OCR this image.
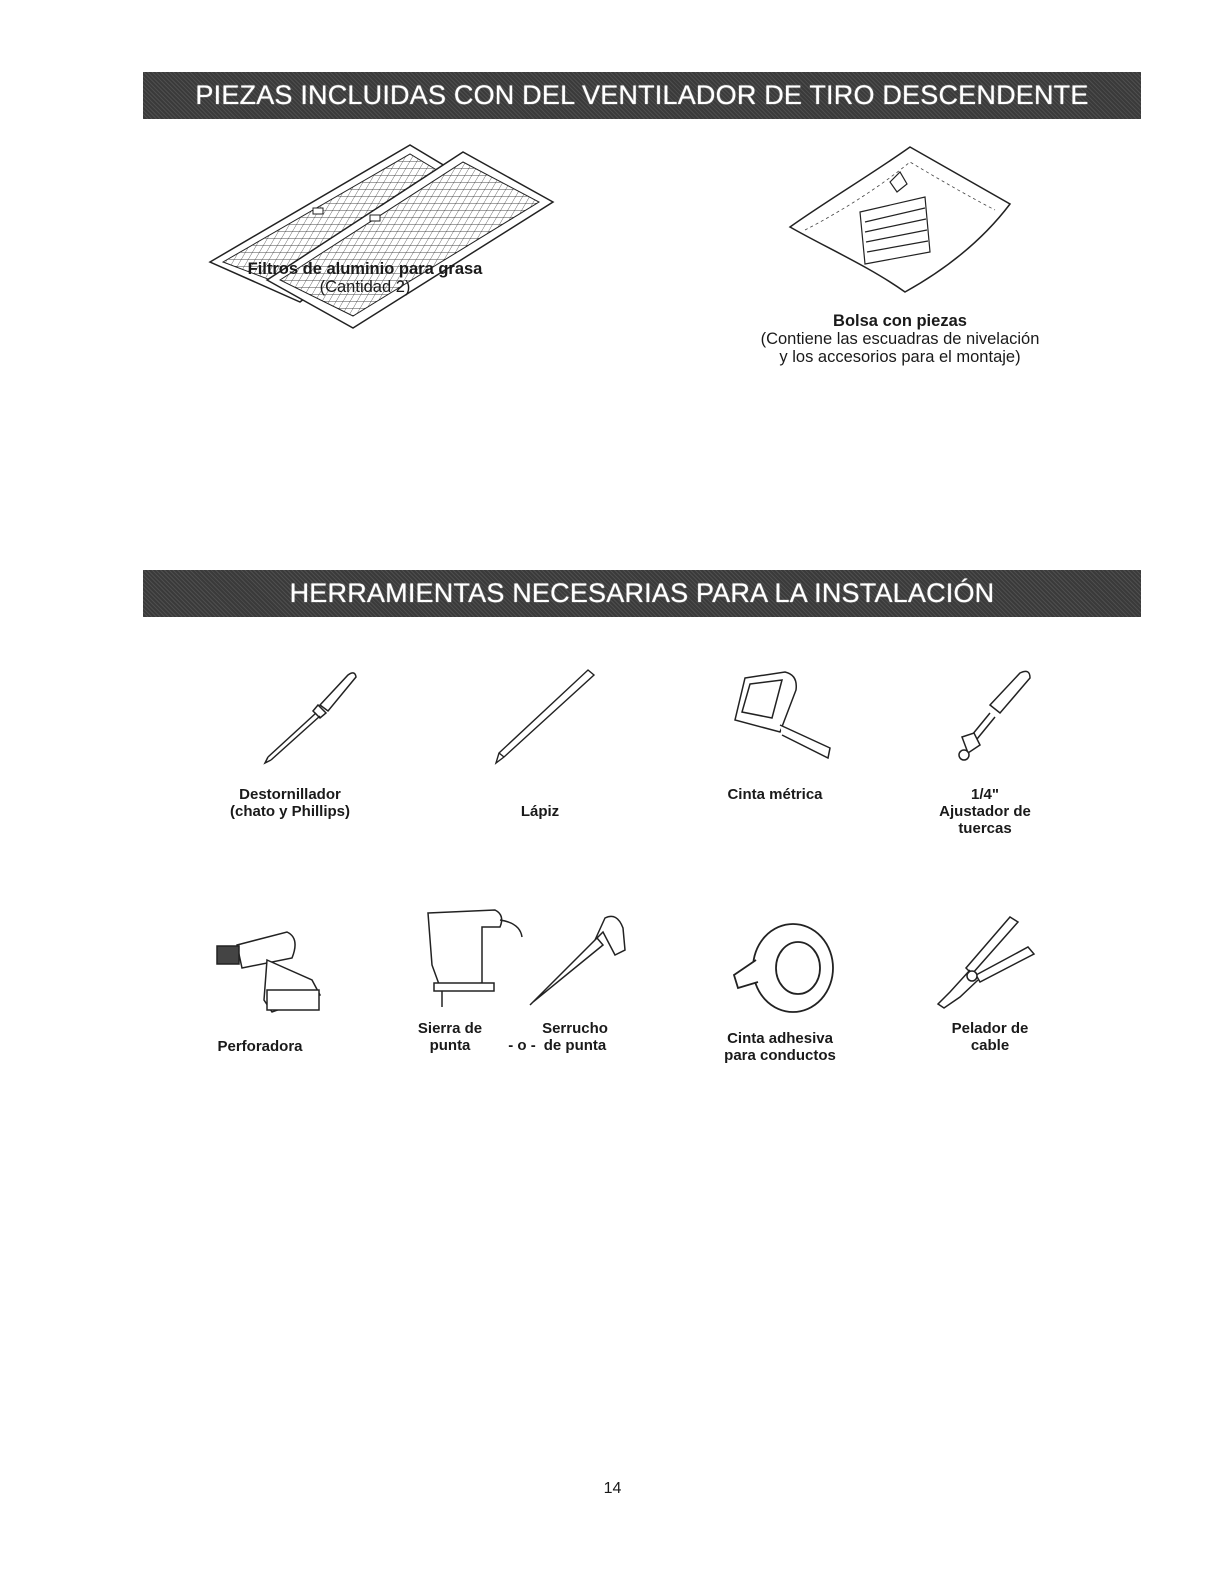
PIEZAS INCLUIDAS CON DEL VENTILADOR DE TIRO DESCENDENTE
Filtros de aluminio para grasa
(Cantidad 2)
Bolsa con piezas
(Contiene las escuadras de nivelación
y los accesorios para el montaje)
HERRAMIENTAS NECESARIAS PARA LA INSTALACIÓN
Destornillador
(chato y Phillips)	Lápiz
Cinta métrica	1/4"
Ajustador de
tuercas
Perforadora
Sierra de
punta	- o -
Serrucho
de punta	Cinta adhesiva
para conductos
Pelador de
cable
14
